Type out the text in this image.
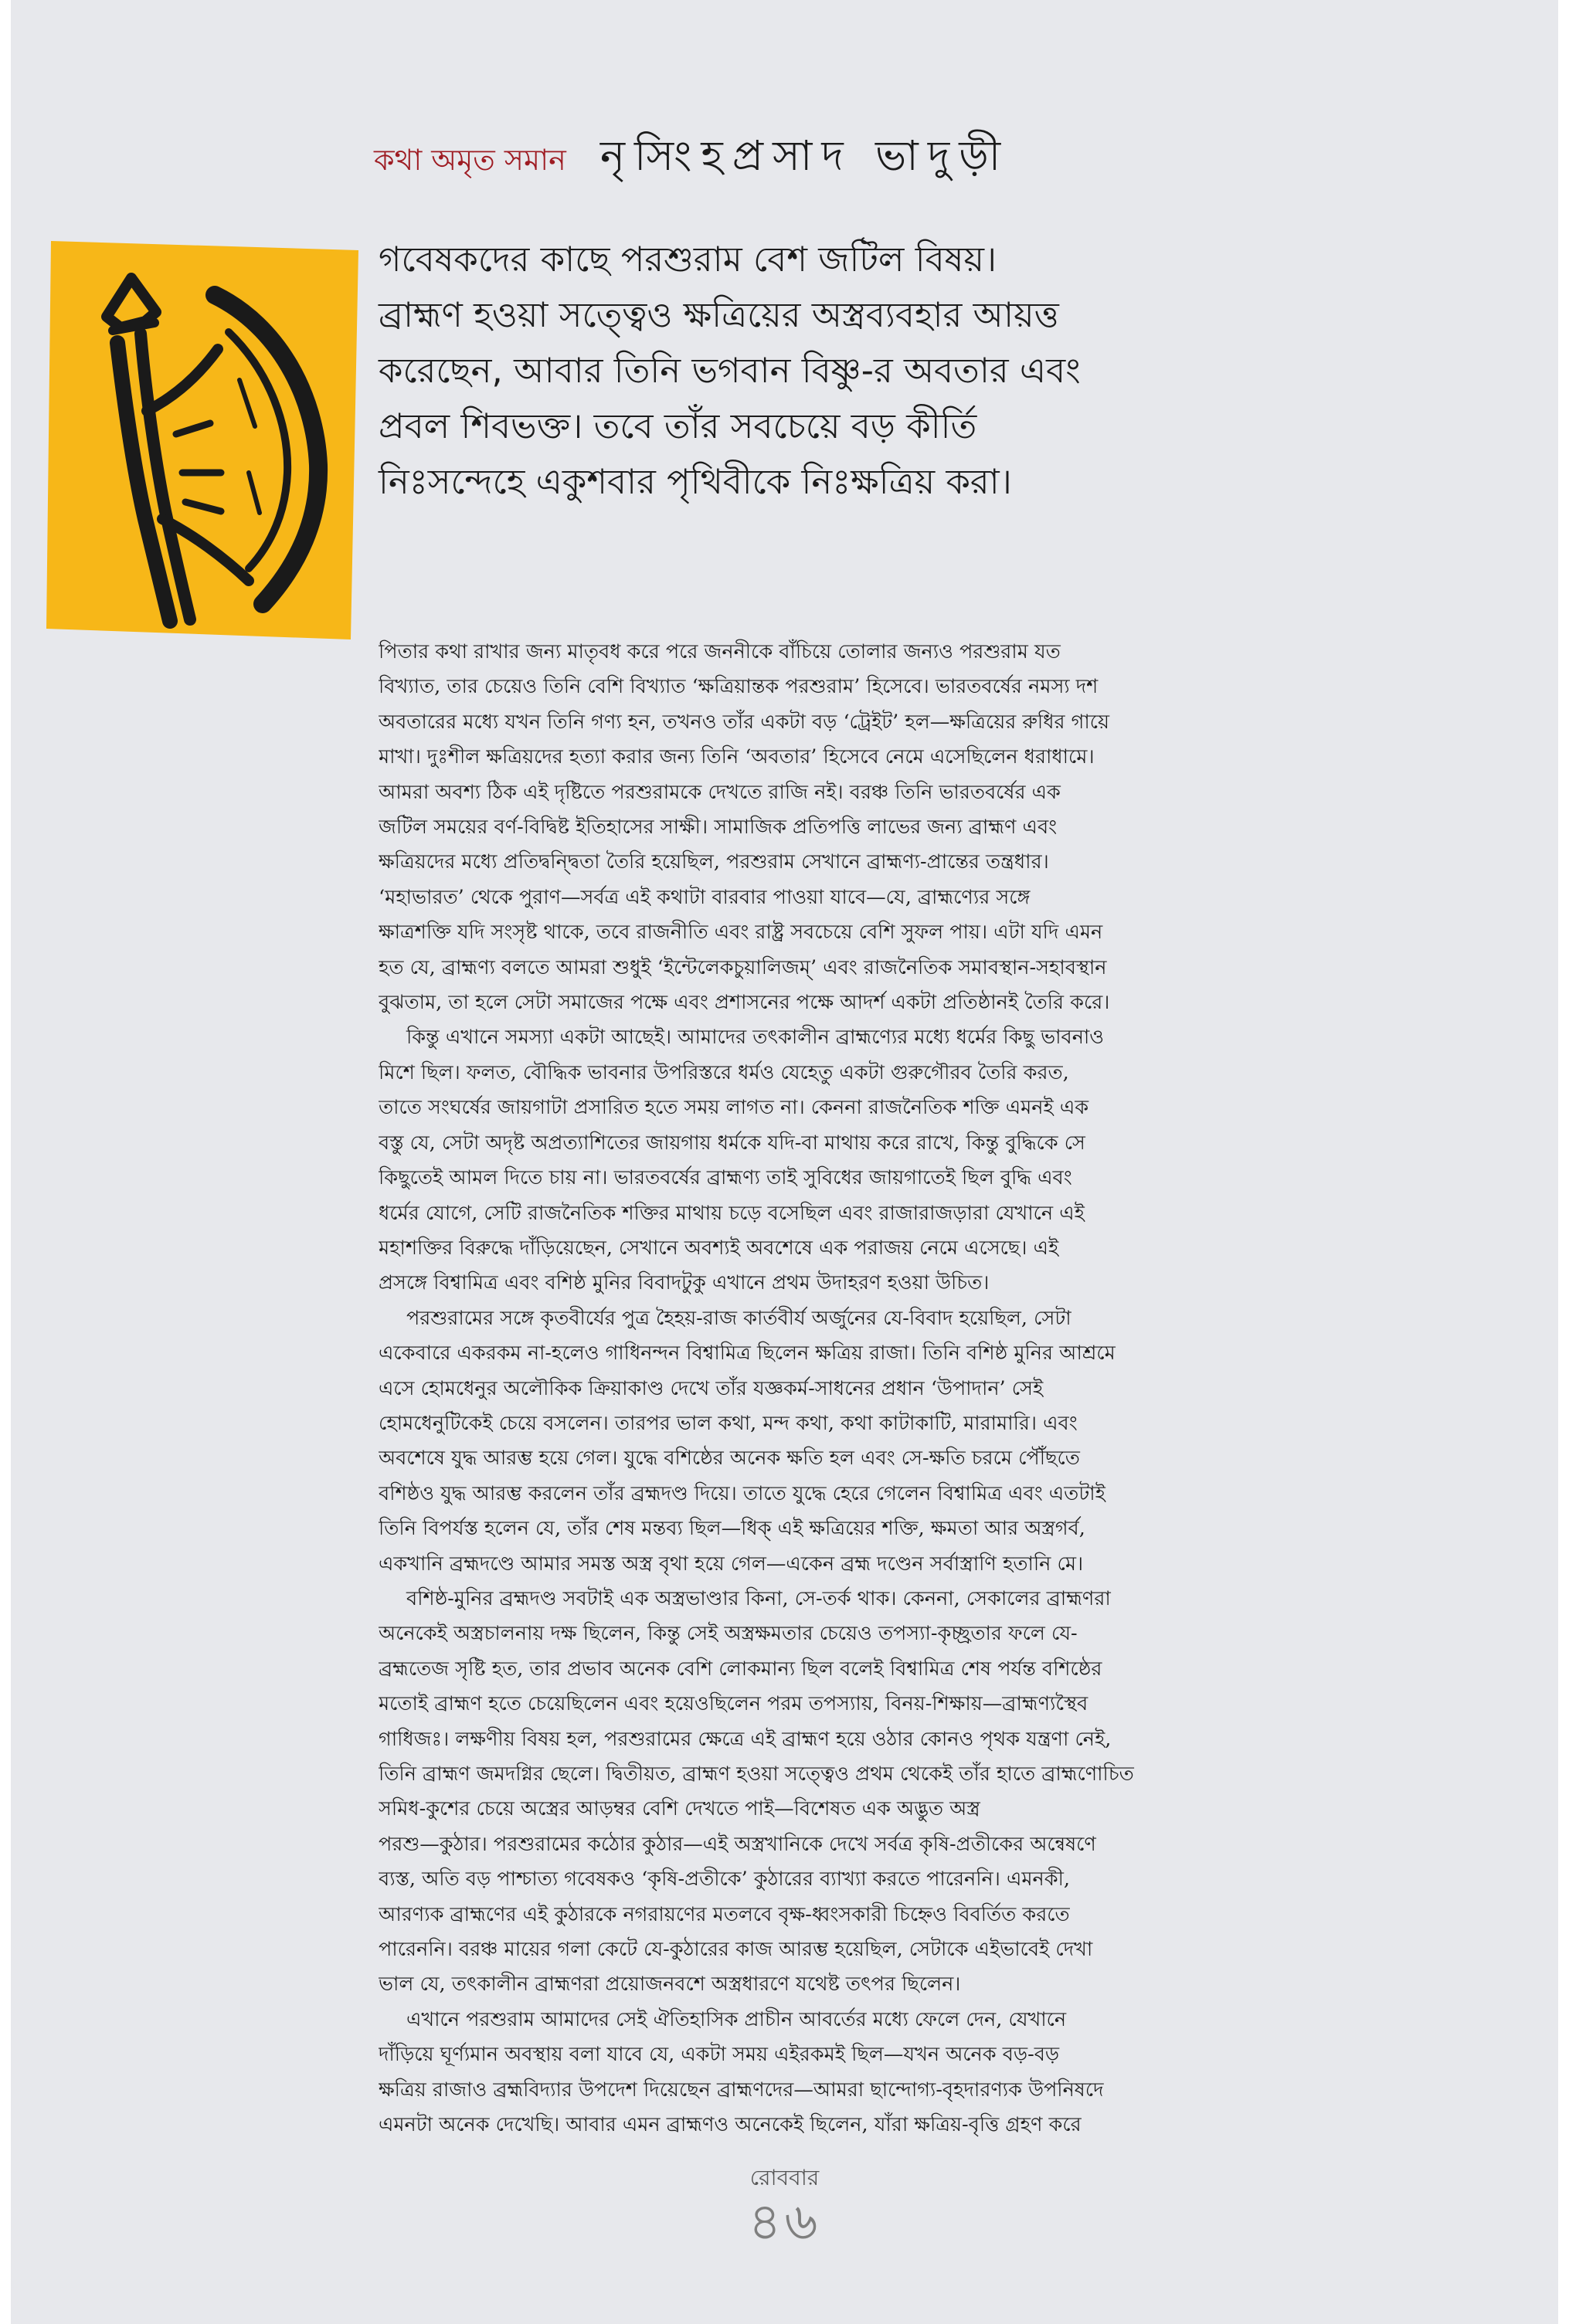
কথা অমৃত সমান নৃসিংহপ্রসাদ ভাদুড়ী
গবেষকদের কাছে পরশুরাম বেশ জটিল বিষয়।
ব্রাহ্মণ হওয়া সত্ত্বেও ক্ষত্রিয়ের অস্ত্রব্যবহার আয়ত্ত
করেছেন, আবার তিনি ভগবান বিষ্ণু-র অবতার এবং
প্রবল শিবভক্ত। তবে তাঁর সবচেয়ে বড় কীর্তি
নিঃসন্দেহে একুশবার পৃথিবীকে নিঃক্ষত্রিয় করা।
পিতার কথা রাখার জন্য মাতৃবধ করে পরে জননীকে বাঁচিয়ে তোলার জন্যও পরশুরাম যত
বিখ্যাত, তার চেয়েও তিনি বেশি বিখ্যাত ‘ক্ষত্রিয়ান্তক পরশুরাম’ হিসেবে। ভারতবর্ষের নমস্য দশ
অবতারের মধ্যে যখন তিনি গণ্য হন, তখনও তাঁর একটা বড় ‘ট্রেইট’ হল—ক্ষত্রিয়ের রুধির গায়ে
মাখা। দুঃশীল ক্ষত্রিয়দের হত্যা করার জন্য তিনি ‘অবতার’ হিসেবে নেমে এসেছিলেন ধরাধামে।
আমরা অবশ্য ঠিক এই দৃষ্টিতে পরশুরামকে দেখতে রাজি নই। বরঞ্চ তিনি ভারতবর্ষের এক
জটিল সময়ের বর্ণ-বিদ্বিষ্ট ইতিহাসের সাক্ষী। সামাজিক প্রতিপত্তি লাভের জন্য ব্রাহ্মণ এবং
ক্ষত্রিয়দের মধ্যে প্রতিদ্বন্দ্বিতা তৈরি হয়েছিল, পরশুরাম সেখানে ব্রাহ্মণ্য-প্রান্তের তন্ত্রধার।
‘মহাভারত’ থেকে পুরাণ—সর্বত্র এই কথাটা বারবার পাওয়া যাবে—যে, ব্রাহ্মণ্যের সঙ্গে
ক্ষাত্রশক্তি যদি সংসৃষ্ট থাকে, তবে রাজনীতি এবং রাষ্ট্র সবচেয়ে বেশি সুফল পায়। এটা যদি এমন
হত যে, ব্রাহ্মণ্য বলতে আমরা শুধুই ‘ইন্টেলেকচুয়ালিজম্’ এবং রাজনৈতিক সমাবস্থান-সহাবস্থান
বুঝতাম, তা হলে সেটা সমাজের পক্ষে এবং প্রশাসনের পক্ষে আদর্শ একটা প্রতিষ্ঠানই তৈরি করে।
কিন্তু এখানে সমস্যা একটা আছেই। আমাদের তৎকালীন ব্রাহ্মণ্যের মধ্যে ধর্মের কিছু ভাবনাও
মিশে ছিল। ফলত, বৌদ্ধিক ভাবনার উপরিস্তরে ধর্মও যেহেতু একটা গুরুগৌরব তৈরি করত,
তাতে সংঘর্ষের জায়গাটা প্রসারিত হতে সময় লাগত না। কেননা রাজনৈতিক শক্তি এমনই এক
বস্তু যে, সেটা অদৃষ্ট অপ্রত্যাশিতের জায়গায় ধর্মকে যদি-বা মাথায় করে রাখে, কিন্তু বুদ্ধিকে সে
কিছুতেই আমল দিতে চায় না। ভারতবর্ষের ব্রাহ্মণ্য তাই সুবিধের জায়গাতেই ছিল বুদ্ধি এবং
ধর্মের যোগে, সেটি রাজনৈতিক শক্তির মাথায় চড়ে বসেছিল এবং রাজারাজড়ারা যেখানে এই
মহাশক্তির বিরুদ্ধে দাঁড়িয়েছেন, সেখানে অবশ্যই অবশেষে এক পরাজয় নেমে এসেছে। এই
প্রসঙ্গে বিশ্বামিত্র এবং বশিষ্ঠ মুনির বিবাদটুকু এখানে প্রথম উদাহরণ হওয়া উচিত।
পরশুরামের সঙ্গে কৃতবীর্যের পুত্র হৈহয়-রাজ কার্তবীর্য অর্জুনের যে-বিবাদ হয়েছিল, সেটা
একেবারে একরকম না-হলেও গাধিনন্দন বিশ্বামিত্র ছিলেন ক্ষত্রিয় রাজা। তিনি বশিষ্ঠ মুনির আশ্রমে
এসে হোমধেনুর অলৌকিক ক্রিয়াকাণ্ড দেখে তাঁর যজ্ঞকর্ম-সাধনের প্রধান ‘উপাদান’ সেই
হোমধেনুটিকেই চেয়ে বসলেন। তারপর ভাল কথা, মন্দ কথা, কথা কাটাকাটি, মারামারি। এবং
অবশেষে যুদ্ধ আরম্ভ হয়ে গেল। যুদ্ধে বশিষ্ঠের অনেক ক্ষতি হল এবং সে-ক্ষতি চরমে পৌঁছতে
বশিষ্ঠও যুদ্ধ আরম্ভ করলেন তাঁর ব্রহ্মদণ্ড দিয়ে। তাতে যুদ্ধে হেরে গেলেন বিশ্বামিত্র এবং এতটাই
তিনি বিপর্যস্ত হলেন যে, তাঁর শেষ মন্তব্য ছিল—ধিক্‌ এই ক্ষত্রিয়ের শক্তি, ক্ষমতা আর অস্ত্রগর্ব,
একখানি ব্রহ্মদণ্ডে আমার সমস্ত অস্ত্র বৃথা হয়ে গেল—একেন ব্রহ্ম দণ্ডেন সর্বাস্ত্রাণি হতানি মে।
বশিষ্ঠ-মুনির ব্রহ্মদণ্ড সবটাই এক অস্ত্রভাণ্ডার কিনা, সে-তর্ক থাক। কেননা, সেকালের ব্রাহ্মণরা
অনেকেই অস্ত্রচালনায় দক্ষ ছিলেন, কিন্তু সেই অস্ত্রক্ষমতার চেয়েও তপস্যা-কৃচ্ছ্রতার ফলে যে-
ব্রহ্মতেজ সৃষ্টি হত, তার প্রভাব অনেক বেশি লোকমান্য ছিল বলেই বিশ্বামিত্র শেষ পর্যন্ত বশিষ্ঠের
মতোই ব্রাহ্মণ হতে চেয়েছিলেন এবং হয়েওছিলেন পরম তপস্যায়, বিনয়-শিক্ষায়—ব্রাহ্মণ্যস্থৈব
গাধিজঃ। লক্ষণীয় বিষয় হল, পরশুরামের ক্ষেত্রে এই ব্রাহ্মণ হয়ে ওঠার কোনও পৃথক যন্ত্রণা নেই,
তিনি ব্রাহ্মণ জমদগ্নির ছেলে। দ্বিতীয়ত, ব্রাহ্মণ হওয়া সত্ত্বেও প্রথম থেকেই তাঁর হাতে ব্রাহ্মণোচিত
সমিধ-কুশের চেয়ে অস্ত্রের আড়ম্বর বেশি দেখতে পাই—বিশেষত এক অদ্ভুত অস্ত্র
পরশু—কুঠার। পরশুরামের কঠোর কুঠার—এই অস্ত্রখানিকে দেখে সর্বত্র কৃষি-প্রতীকের অন্বেষণে
ব্যস্ত, অতি বড় পাশ্চাত্য গবেষকও ‘কৃষি-প্রতীকে’ কুঠারের ব্যাখ্যা করতে পারেননি। এমনকী,
আরণ্যক ব্রাহ্মণের এই কুঠারকে নগরায়ণের মতলবে বৃক্ষ-ধ্বংসকারী চিহ্নেও বিবর্তিত করতে
পারেননি। বরঞ্চ মায়ের গলা কেটে যে-কুঠারের কাজ আরম্ভ হয়েছিল, সেটাকে এইভাবেই দেখা
ভাল যে, তৎকালীন ব্রাহ্মণরা প্রয়োজনবশে অস্ত্রধারণে যথেষ্ট তৎপর ছিলেন।
এখানে পরশুরাম আমাদের সেই ঐতিহাসিক প্রাচীন আবর্তের মধ্যে ফেলে দেন, যেখানে
দাঁড়িয়ে ঘূর্ণ্যমান অবস্থায় বলা যাবে যে, একটা সময় এইরকমই ছিল—যখন অনেক বড়-বড়
ক্ষত্রিয় রাজাও ব্রহ্মবিদ্যার উপদেশ দিয়েছেন ব্রাহ্মণদের—আমরা ছান্দোগ্য-বৃহদারণ্যক উপনিষদে
এমনটা অনেক দেখেছি। আবার এমন ব্রাহ্মণও অনেকেই ছিলেন, যাঁরা ক্ষত্রিয়-বৃত্তি গ্রহণ করে
রোববার
৪৬
